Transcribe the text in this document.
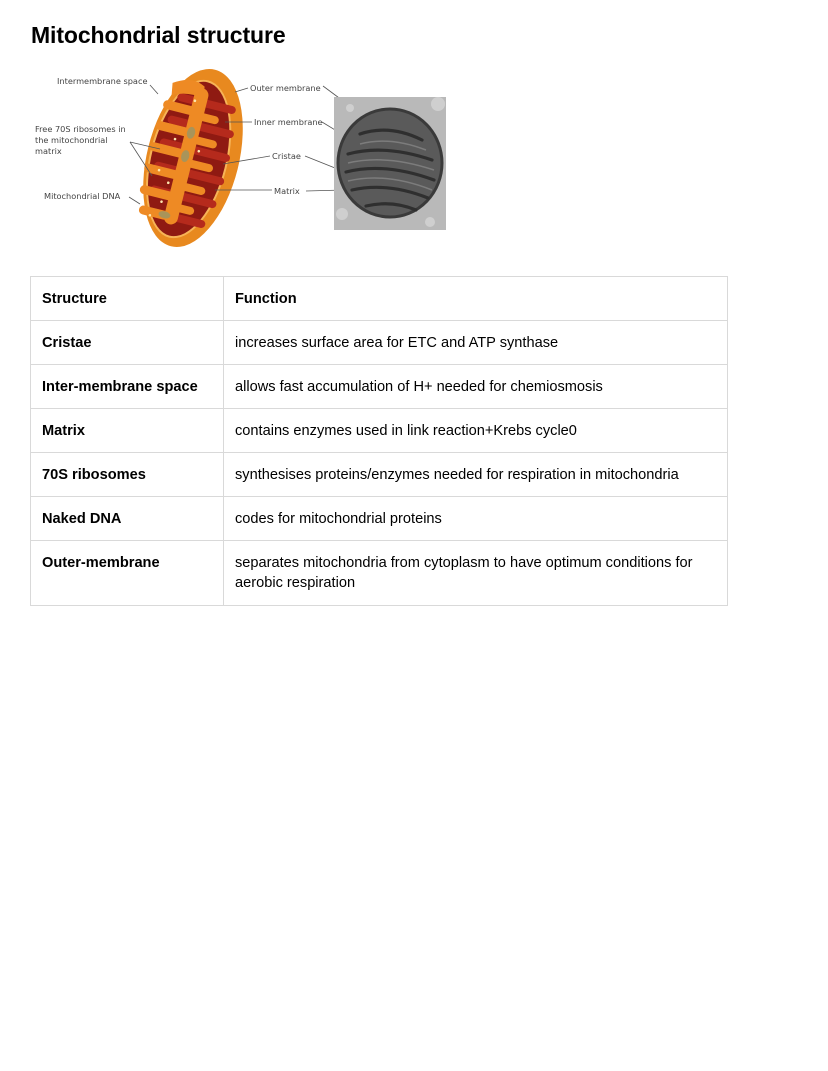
Mitochondrial structure
Intermembrane space
Free 70S ribosomes in
the mitochondrial
matrix
Mitochondrial DNA
Outer membrane
Inner membrane
Cristae
Matrix
Structure	Function
Cristae	increases surface area for ETC and ATP synthase
Inter-membrane space	allows fast accumulation of H+ needed for chemiosmosis
Matrix	contains enzymes used in link reaction+Krebs cycle0
70S ribosomes	synthesises proteins/enzymes needed for respiration in mitochondria
Naked DNA	codes for mitochondrial proteins
Outer-membrane	separates mitochondria from cytoplasm to have optimum conditions for aerobic respiration
